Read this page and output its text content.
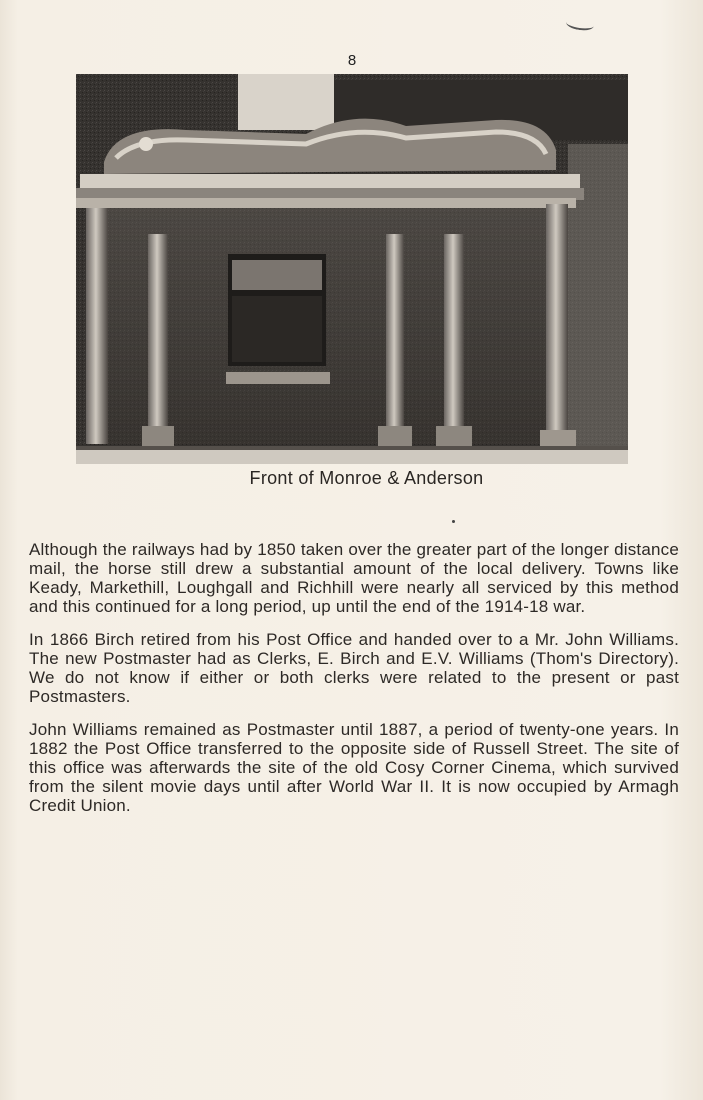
8
Front of Monroe & Anderson

Although the railways had by 1850 taken over the greater part of the longer distance mail, the horse still drew a substantial amount of the local delivery. Towns like Keady, Markethill, Loughgall and Richhill were nearly all serviced by this method and this continued for a long period, up until the end of the 1914-18 war.

In 1866 Birch retired from his Post Office and handed over to a Mr. John Williams. The new Postmaster had as Clerks, E. Birch and E.V. Williams (Thom's Directory). We do not know if either or both clerks were related to the present or past Postmasters.

John Williams remained as Postmaster until 1887, a period of twenty-one years. In 1882 the Post Office transferred to the opposite side of Russell Street. The site of this office was afterwards the site of the old Cosy Corner Cinema, which survived from the silent movie days until after World War II. It is now occupied by Armagh Credit Union.
